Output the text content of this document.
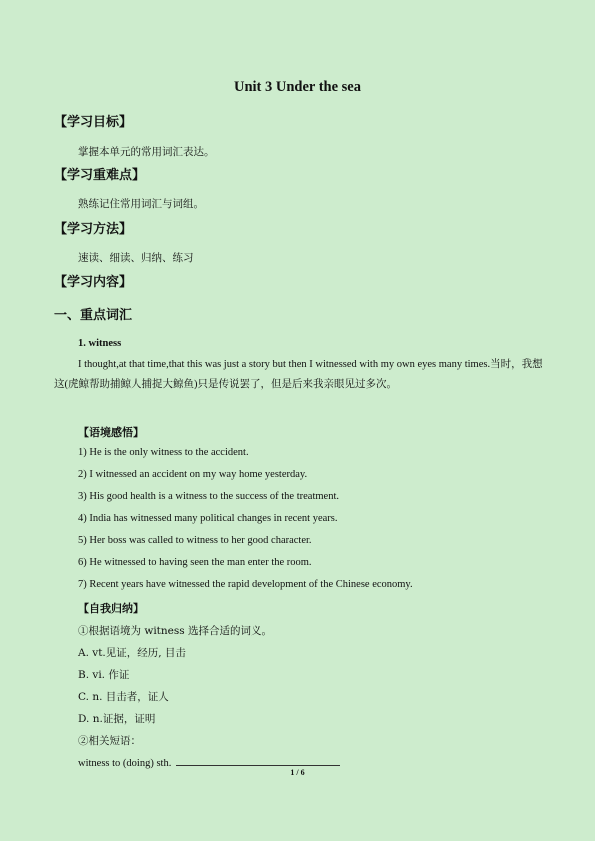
Unit 3 Under the sea
【学习目标】
掌握本单元的常用词汇表达。
【学习重难点】
熟练记住常用词汇与词组。
【学习方法】
速读、细读、归纳、练习
【学习内容】
一、重点词汇
1. witness
I thought,at that time,that this was just a story but then I witnessed with my own eyes many times.当时，我想这(虎鲸帮助捕鲸人捕捉大鲸鱼)只是传说罢了，但是后来我亲眼见过多次。
【语境感悟】
1) He is the only witness to the accident.
2) I witnessed an accident on my way home yesterday.
3) His good health is a witness to the success of the treatment.
4) India has witnessed many political changes in recent years.
5) Her boss was called to witness to her good character.
6) He witnessed to having seen the man enter the room.
7) Recent years have witnessed the rapid development of the Chinese economy.
【自我归纳】
①根据语境为 witness 选择合适的词义。
A. vt.见证，经历, 目击
B. vi. 作证
C. n. 目击者，证人
D. n.证据，证明
②相关短语：
witness to (doing) sth.
1 / 6
